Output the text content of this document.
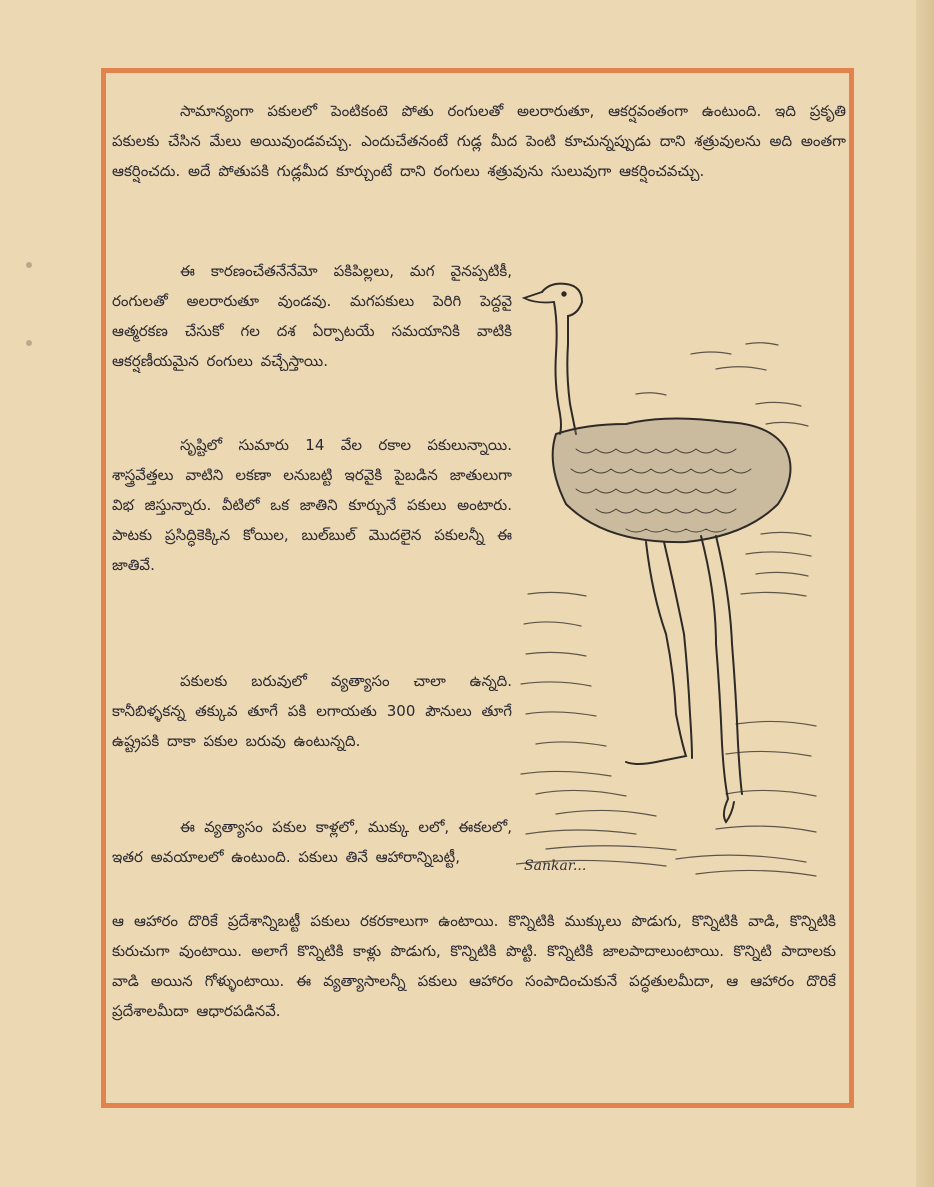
సామాన్యంగా పకులలో పెంటికంటె పోతు రంగులతో అలరారుతూ, ఆకర్షవంతంగా ఉంటుంది. ఇది ప్రకృతి పకులకు చేసిన మేలు అయివుండవచ్చు. ఎందుచేతనంటే గుడ్ల మీద పెంటి కూచున్నప్పుడు దాని శత్రువులను అది అంతగా ఆకర్షించదు. అదే పోతుపకి గుడ్లమీద కూర్చుంటే దాని రంగులు శత్రువును సులువుగా ఆకర్షించవచ్చు.

ఈ కారణంచేతనేనేమో పకిపిల్లలు, మగ వైనప్పటికీ, రంగులతో అలరారుతూ వుండవు. మగపకులు పెరిగి పెద్దవై ఆత్మరకణ చేసుకో గల దశ ఏర్పాటయే సమయానికి వాటికి ఆకర్షణీయమైన రంగులు వచ్చేస్తాయి.

సృష్టిలో సుమారు 14 వేల రకాల పకులున్నాయి. శాస్త్రవేత్తలు వాటిని లకణా లనుబట్టి ఇరవైకి పైబడిన జాతులుగా విభ జిస్తున్నారు. వీటిలో ఒక జాతిని కూర్చునే పకులు అంటారు. పాటకు ప్రసిద్ధికెక్కిన కోయిల, బుల్‌బుల్ మొదలైన పకులన్నీ ఈ జాతివే.

పకులకు బరువులో వ్యత్యాసం చాలా ఉన్నది. కానీబిళ్ళకన్న తక్కువ తూగే పకి లగాయతు 300 పౌనులు తూగే ఉష్ట్రపకి దాకా పకుల బరువు ఉంటున్నది.

ఈ వ్యత్యాసం పకుల కాళ్లలో, ముక్కు లలో, ఈకలలో, ఇతర అవయాలలో ఉంటుంది. పకులు తినే ఆహారాన్నిబట్టీ,

ఆ ఆహారం దొరికే ప్రదేశాన్నిబట్టీ పకులు రకరకాలుగా ఉంటాయి. కొన్నిటికి ముక్కులు పొడుగు, కొన్నిటికి వాడి, కొన్నిటికి కురుచుగా వుంటాయి. అలాగే కొన్నిటికి కాళ్లు పొడుగు, కొన్నిటికి పొట్టి. కొన్నిటికి జాలపాదాలుంటాయి. కొన్నిటి పాదాలకు వాడి అయిన గోళ్ళుంటాయి. ఈ వ్యత్యాసాలన్నీ పకులు ఆహారం సంపాదించుకునే పద్ధతులమీదా, ఆ ఆహారం దొరికే ప్రదేశాలమీదా ఆధారపడినవే.

Sankar...
